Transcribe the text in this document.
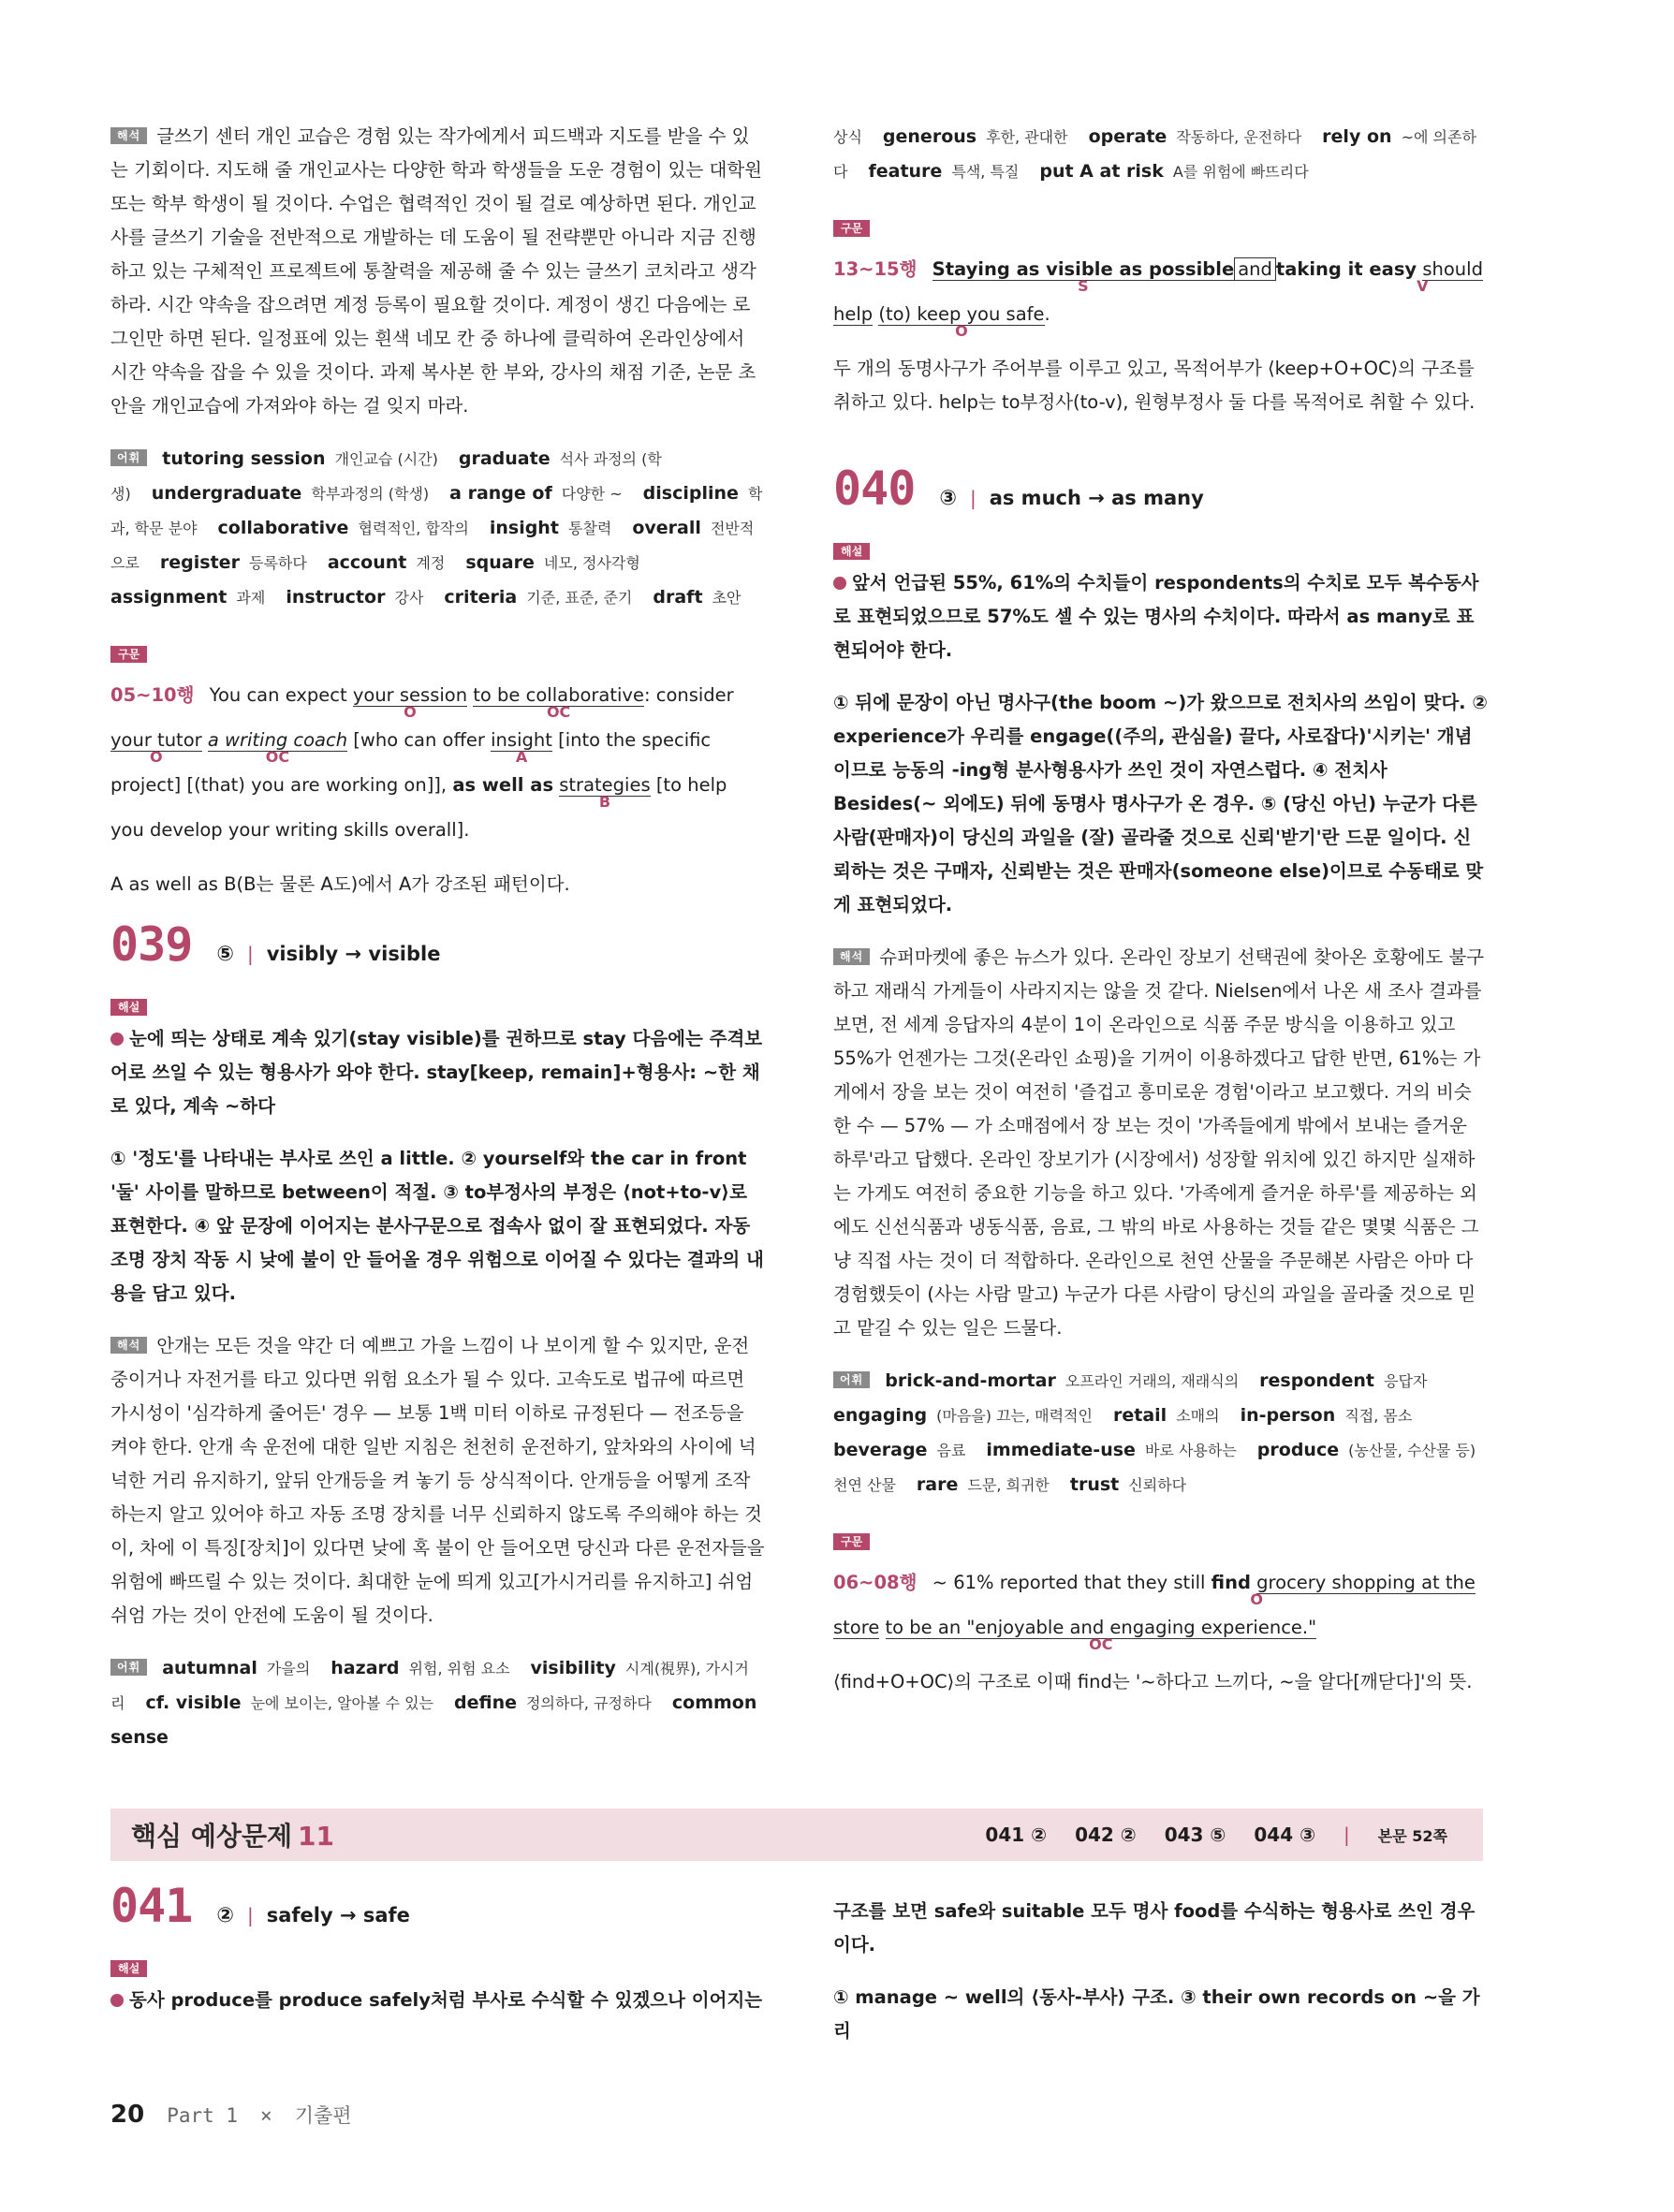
해석 글쓰기 센터 개인 교습은 경험 있는 작가에게서 피드백과 지도를 받을 수 있는 기회이다. 지도해 줄 개인교사는 다양한 학과 학생들을 도운 경험이 있는 대학원 또는 학부 학생이 될 것이다. 수업은 협력적인 것이 될 걸로 예상하면 된다. 개인교사를 글쓰기 기술을 전반적으로 개발하는 데 도움이 될 전략뿐만 아니라 지금 진행하고 있는 구체적인 프로젝트에 통찰력을 제공해 줄 수 있는 글쓰기 코치라고 생각하라. 시간 약속을 잡으려면 계정 등록이 필요할 것이다. 계정이 생긴 다음에는 로그인만 하면 된다. 일정표에 있는 흰색 네모 칸 중 하나에 클릭하여 온라인상에서 시간 약속을 잡을 수 있을 것이다. 과제 복사본 한 부와, 강사의 채점 기준, 논문 초안을 개인교습에 가져와야 하는 걸 잊지 마라.

어휘 tutoring session 개인교습 (시간) graduate 석사 과정의 (학생) undergraduate 학부과정의 (학생) a range of 다양한 ~ discipline 학과, 학문 분야 collaborative 협력적인, 합작의 insight 통찰력 overall 전반적으로 register 등록하다 account 계정 square 네모, 정사각형assignment 과제 instructor 강사 criteria 기준, 표준, 준기 draft 초안

구문

05~10행 You can expect your session
O
to be collaborative
OC
: consider your tutor
O
a writing coach
OC
[who can offer insight
A
[into the specific project] [(that) you are working on]], as well as strategies
B
[to help you develop your writing skills overall].

A as well as B(B는 물론 A도)에서 A가 강조된 패턴이다.

039 ⑤ | visibly → visible
해설

눈에 띄는 상태로 계속 있기(stay visible)를 권하므로 stay 다음에는 주격보어로 쓰일 수 있는 형용사가 와야 한다. stay[keep, remain]+형용사: ~한 채로 있다, 계속 ~하다

① '정도'를 나타내는 부사로 쓰인 a little. ② yourself와 the car in front '둘' 사이를 말하므로 between이 적절. ③ to부정사의 부정은 ⟨not+to-v⟩로 표현한다. ④ 앞 문장에 이어지는 분사구문으로 접속사 없이 잘 표현되었다. 자동 조명 장치 작동 시 낮에 불이 안 들어올 경우 위험으로 이어질 수 있다는 결과의 내용을 담고 있다.

해석 안개는 모든 것을 약간 더 예쁘고 가을 느낌이 나 보이게 할 수 있지만, 운전 중이거나 자전거를 타고 있다면 위험 요소가 될 수 있다. 고속도로 법규에 따르면 가시성이 '심각하게 줄어든' 경우 — 보통 1백 미터 이하로 규정된다 — 전조등을 켜야 한다. 안개 속 운전에 대한 일반 지침은 천천히 운전하기, 앞차와의 사이에 넉넉한 거리 유지하기, 앞뒤 안개등을 켜 놓기 등 상식적이다. 안개등을 어떻게 조작하는지 알고 있어야 하고 자동 조명 장치를 너무 신뢰하지 않도록 주의해야 하는 것이, 차에 이 특징[장치]이 있다면 낮에 혹 불이 안 들어오면 당신과 다른 운전자들을 위험에 빠뜨릴 수 있는 것이다. 최대한 눈에 띄게 있고[가시거리를 유지하고] 쉬엄쉬엄 가는 것이 안전에 도움이 될 것이다.

어휘 autumnal 가을의 hazard 위험, 위험 요소 visibility 시계(視界), 가시거리 cf. visible 눈에 보이는, 알아볼 수 있는 define 정의하다, 규정하다 common sense

상식 generous 후한, 관대한 operate 작동하다, 운전하다 rely on ~에 의존하다 feature 특색, 특질 put A at risk A를 위험에 빠뜨리다

구문

13~15행 Staying as visible as possible
S
and taking it easy should help
V
(to) keep you safe
O
.

두 개의 동명사구가 주어부를 이루고 있고, 목적어부가 ⟨keep+O+OC⟩의 구조를 취하고 있다. help는 to부정사(to-v), 원형부정사 둘 다를 목적어로 취할 수 있다.

040 ③ | as much → as many
해설

앞서 언급된 55%, 61%의 수치들이 respondents의 수치로 모두 복수동사로 표현되었으므로 57%도 셀 수 있는 명사의 수치이다. 따라서 as many로 표현되어야 한다.

① 뒤에 문장이 아닌 명사구(the boom ~)가 왔으므로 전치사의 쓰임이 맞다. ② experience가 우리를 engage((주의, 관심을) 끌다, 사로잡다)'시키는' 개념이므로 능동의 -ing형 분사형용사가 쓰인 것이 자연스럽다. ④ 전치사 Besides(~ 외에도) 뒤에 동명사 명사구가 온 경우. ⑤ (당신 아닌) 누군가 다른 사람(판매자)이 당신의 과일을 (잘) 골라줄 것으로 신뢰'받기'란 드문 일이다. 신뢰하는 것은 구매자, 신뢰받는 것은 판매자(someone else)이므로 수동태로 맞게 표현되었다.

해석 슈퍼마켓에 좋은 뉴스가 있다. 온라인 장보기 선택권에 찾아온 호황에도 불구하고 재래식 가게들이 사라지지는 않을 것 같다. Nielsen에서 나온 새 조사 결과를 보면, 전 세계 응답자의 4분이 1이 온라인으로 식품 주문 방식을 이용하고 있고 55%가 언젠가는 그것(온라인 쇼핑)을 기꺼이 이용하겠다고 답한 반면, 61%는 가게에서 장을 보는 것이 여전히 '즐겁고 흥미로운 경험'이라고 보고했다. 거의 비슷한 수 — 57% — 가 소매점에서 장 보는 것이 '가족들에게 밖에서 보내는 즐거운 하루'라고 답했다. 온라인 장보기가 (시장에서) 성장할 위치에 있긴 하지만 실재하는 가게도 여전히 중요한 기능을 하고 있다. '가족에게 즐거운 하루'를 제공하는 외에도 신선식품과 냉동식품, 음료, 그 밖의 바로 사용하는 것들 같은 몇몇 식품은 그냥 직접 사는 것이 더 적합하다. 온라인으로 천연 산물을 주문해본 사람은 아마 다 경험했듯이 (사는 사람 말고) 누군가 다른 사람이 당신의 과일을 골라줄 것으로 믿고 맡길 수 있는 일은 드물다.

어휘 brick-and-mortar 오프라인 거래의, 재래식의 respondent 응답자engaging (마음을) 끄는, 매력적인 retail 소매의 in-person 직접, 몸소beverage 음료 immediate-use 바로 사용하는 produce (농산물, 수산물 등) 천연 산물 rare 드문, 희귀한 trust 신뢰하다

구문

06~08행 ~ 61% reported that they still find grocery shopping at the store
O
to be an "enjoyable and engaging experience."
OC

⟨find+O+OC⟩의 구조로 이때 find는 '~하다고 느끼다, ~을 알다[깨닫다]'의 뜻.

핵심 예상문제 11	041 ② 042 ② 043 ⑤ 044 ③ | 본문 52쪽
041 ② | safely → safe
해설

동사 produce를 produce safely처럼 부사로 수식할 수 있겠으나 이어지는

구조를 보면 safe와 suitable 모두 명사 food를 수식하는 형용사로 쓰인 경우이다.

① manage ~ well의 ⟨동사-부사⟩ 구조. ③ their own records on ~을 가리

20 Part 1 × 기출편
